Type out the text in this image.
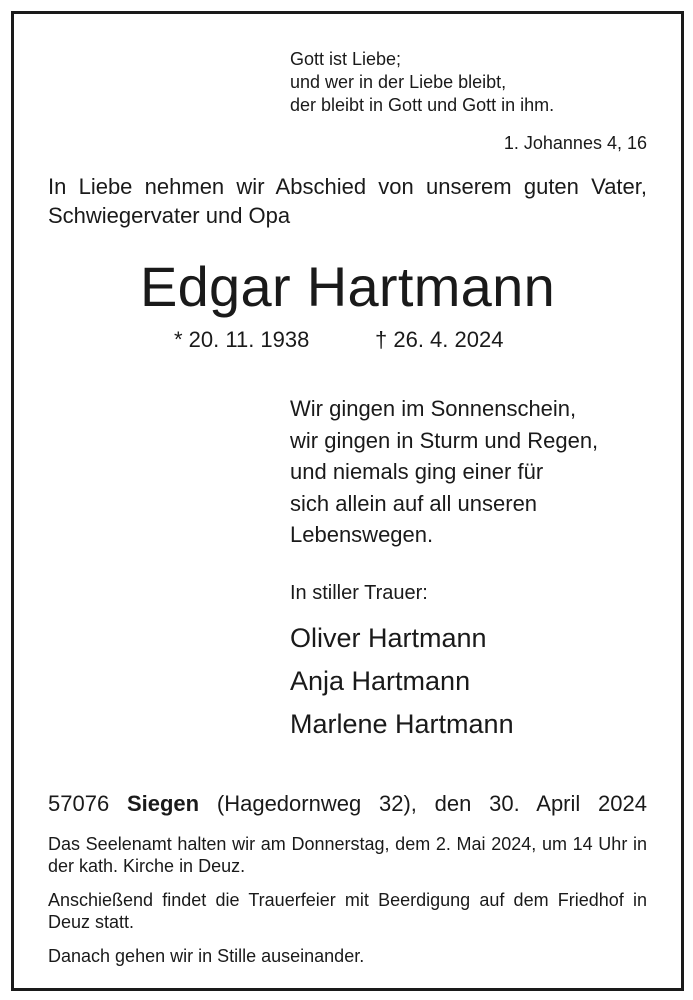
Gott ist Liebe;
und wer in der Liebe bleibt,
der bleibt in Gott und Gott in ihm.
1. Johannes 4, 16

In Liebe nehmen wir Abschied von unserem guten Vater, Schwiegervater und Opa

Edgar Hartmann
* 20. 11. 1938	† 26. 4. 2024
Wir gingen im Sonnenschein,
wir gingen in Sturm und Regen,
und niemals ging einer für
sich allein auf all unseren
Lebenswegen.
In stiller Trauer:
Oliver Hartmann
Anja Hartmann
Marlene Hartmann
57076 Siegen (Hagedornweg 32), den 30. April 2024

Das Seelenamt halten wir am Donnerstag, dem 2. Mai 2024, um 14 Uhr in der kath. Kirche in Deuz.

Anschießend findet die Trauerfeier mit Beerdigung auf dem Friedhof in Deuz statt.

Danach gehen wir in Stille auseinander.
